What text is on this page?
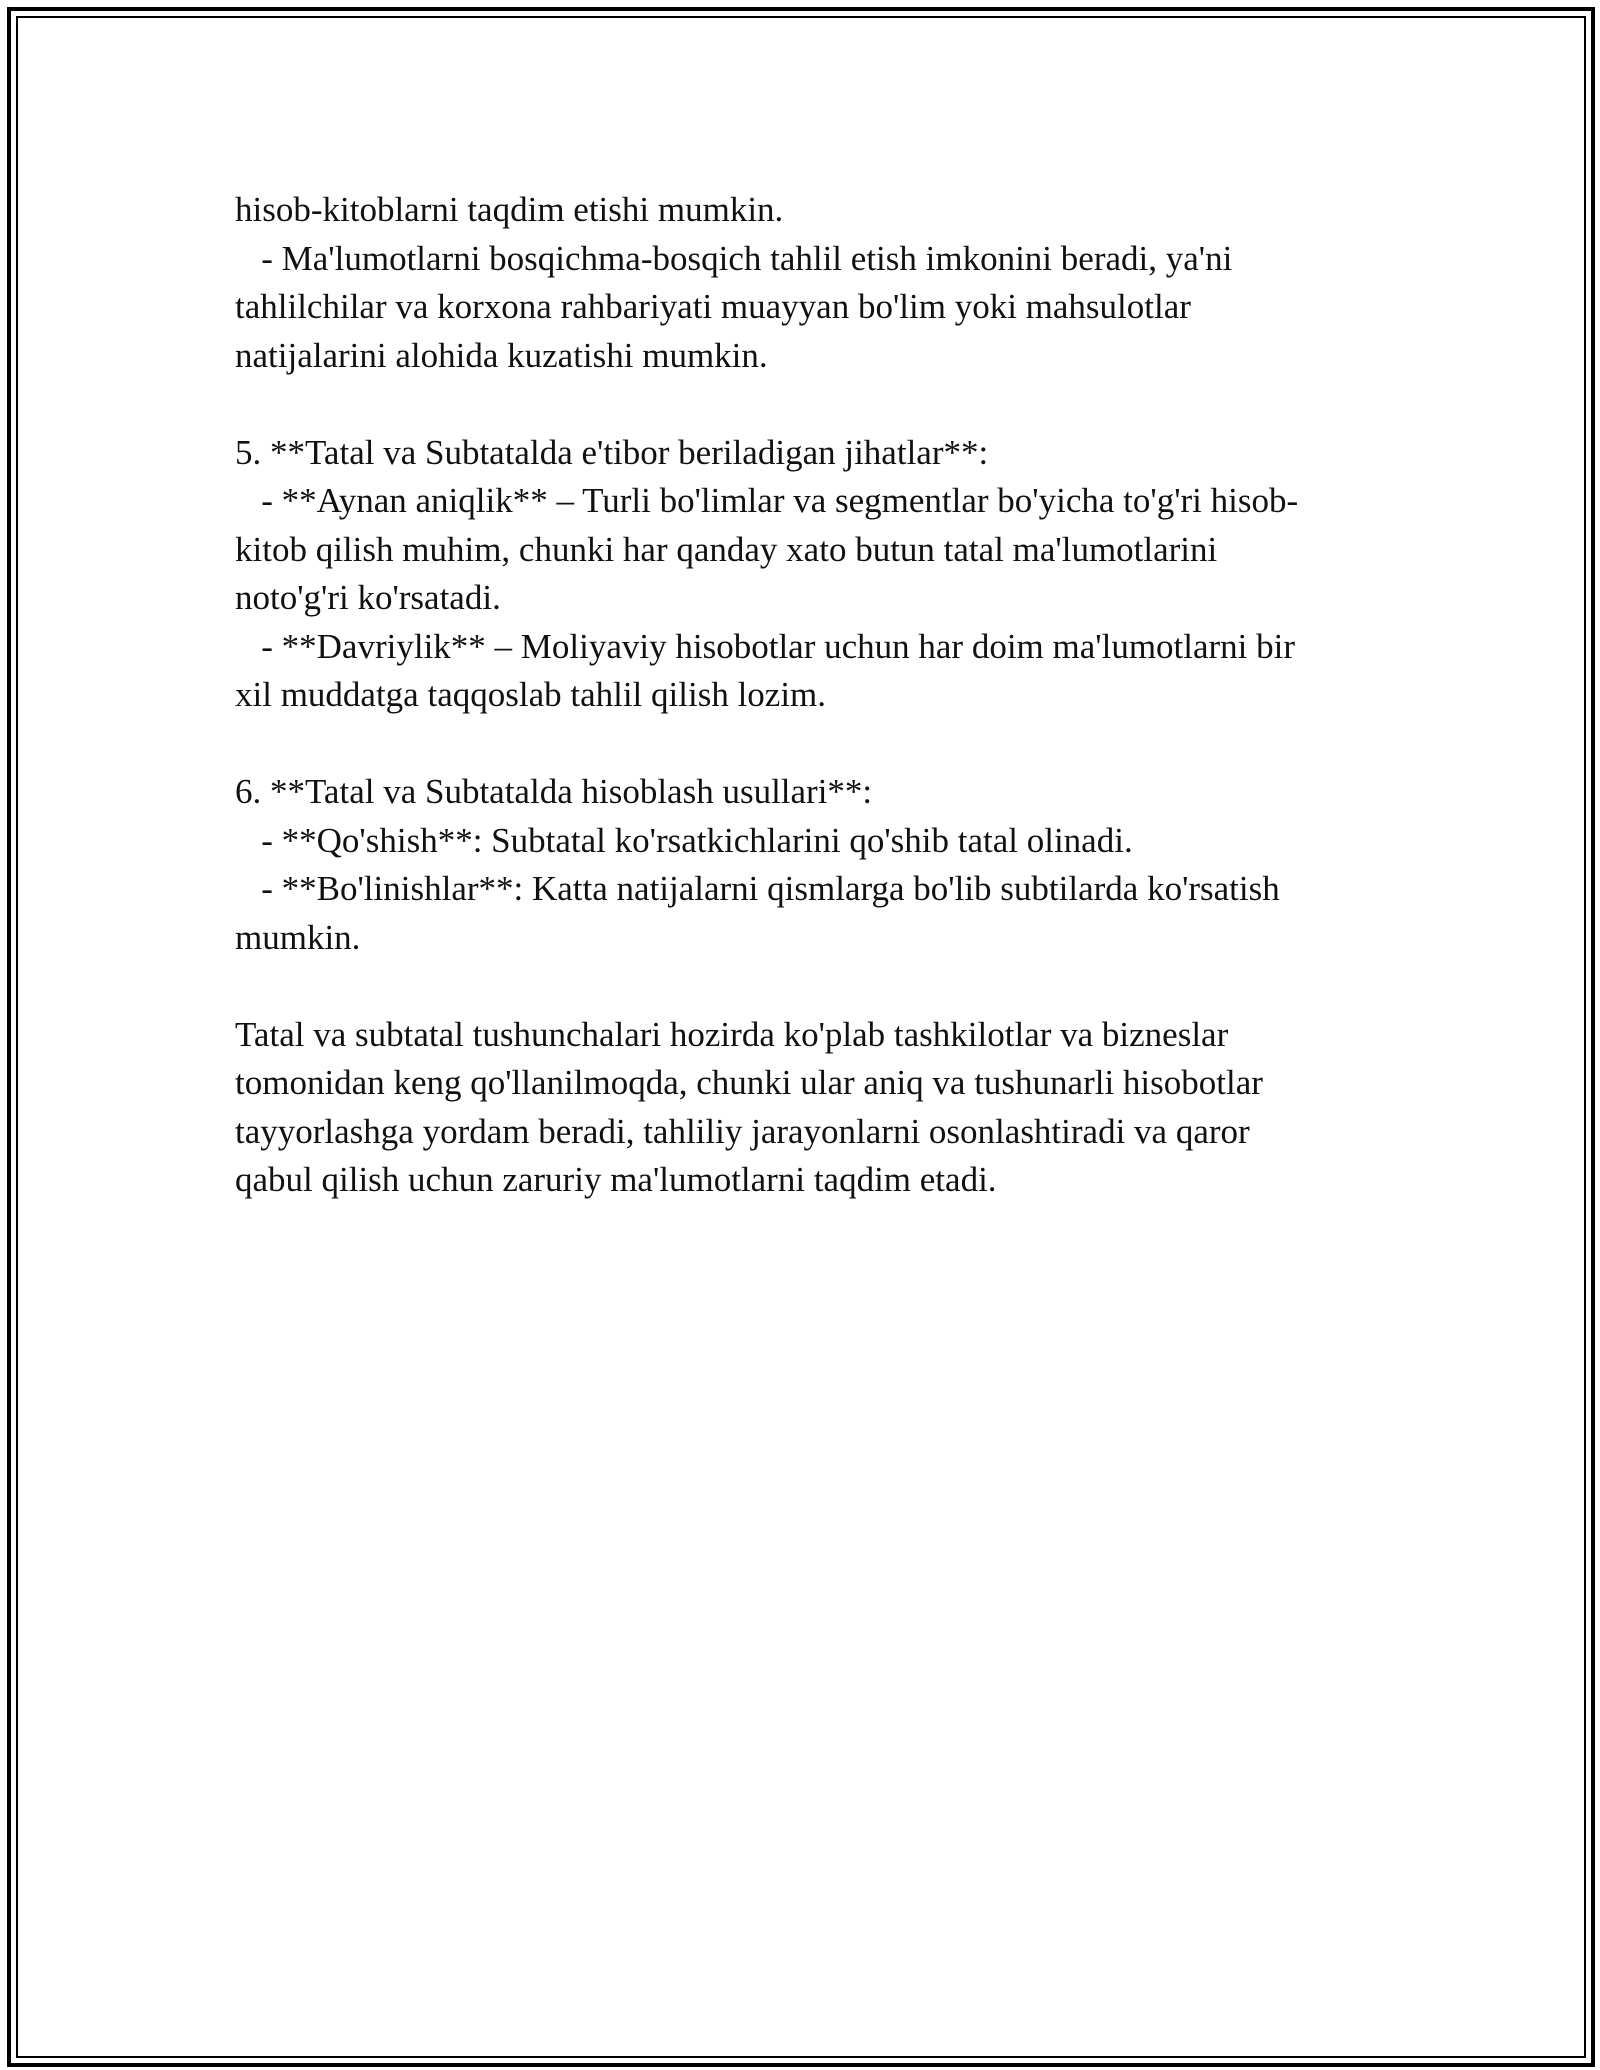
hisob-kitoblarni taqdim etishi mumkin.
- Ma'lumotlarni bosqichma-bosqich tahlil etish imkonini beradi, ya'ni
tahlilchilar va korxona rahbariyati muayyan bo'lim yoki mahsulotlar
natijalarini alohida kuzatishi mumkin.
5. **Tatal va Subtatalda e'tibor beriladigan jihatlar**:
- **Aynan aniqlik** – Turli bo'limlar va segmentlar bo'yicha to'g'ri hisob-
kitob qilish muhim, chunki har qanday xato butun tatal ma'lumotlarini
noto'g'ri ko'rsatadi.
- **Davriylik** – Moliyaviy hisobotlar uchun har doim ma'lumotlarni bir
xil muddatga taqqoslab tahlil qilish lozim.
6. **Tatal va Subtatalda hisoblash usullari**:
- **Qo'shish**: Subtatal ko'rsatkichlarini qo'shib tatal olinadi.
- **Bo'linishlar**: Katta natijalarni qismlarga bo'lib subtilarda ko'rsatish
mumkin.
Tatal va subtatal tushunchalari hozirda ko'plab tashkilotlar va bizneslar
tomonidan keng qo'llanilmoqda, chunki ular aniq va tushunarli hisobotlar
tayyorlashga yordam beradi, tahliliy jarayonlarni osonlashtiradi va qaror
qabul qilish uchun zaruriy ma'lumotlarni taqdim etadi.
